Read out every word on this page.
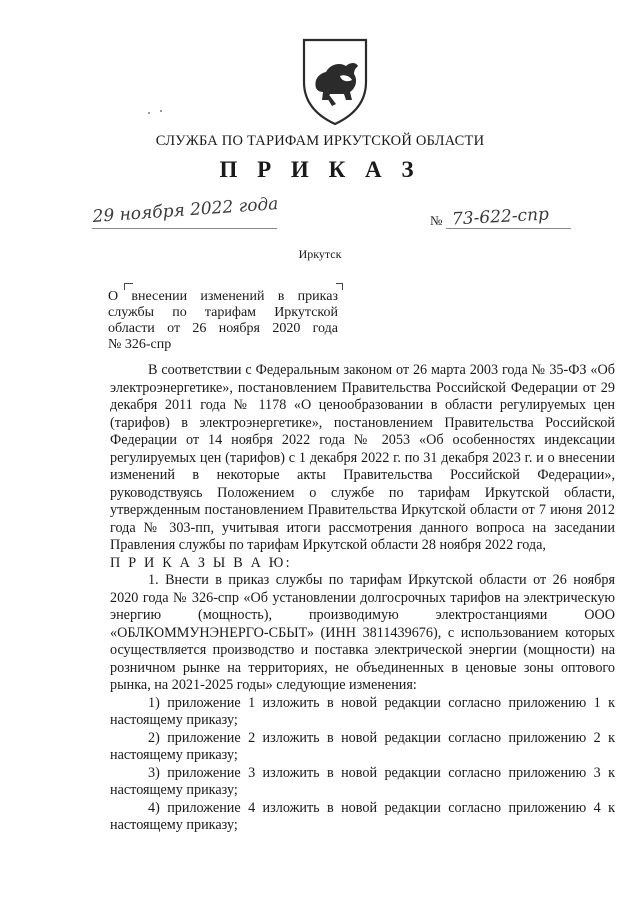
СЛУЖБА ПО ТАРИФАМ ИРКУТСКОЙ ОБЛАСТИ
П Р И К А З
29 ноября 2022 года	№ 73-622-спр
Иркутск
О внесении изменений в приказ
службы по тарифам Иркутской
области от 26 ноября 2020 года
№ 326-спр

В соответствии с Федеральным законом от 26 марта 2003 года № 35-ФЗ «Об электроэнергетике», постановлением Правительства Российской Федерации от 29 декабря 2011 года № 1178 «О ценообразовании в области регулируемых цен (тарифов) в электроэнергетике», постановлением Правительства Российской Федерации от 14 ноября 2022 года № 2053 «Об особенностях индексации регулируемых цен (тарифов) с 1 декабря 2022 г. по 31 декабря 2023 г. и о внесении изменений в некоторые акты Правительства Российской Федерации», руководствуясь Положением о службе по тарифам Иркутской области, утвержденным постановлением Правительства Иркутской области от 7 июня 2012 года № 303-пп, учитывая итоги рассмотрения данного вопроса на заседании Правления службы по тарифам Иркутской области 28 ноября 2022 года,

П Р И К А З Ы В А Ю:

1. Внести в приказ службы по тарифам Иркутской области от 26 ноября 2020 года № 326-спр «Об установлении долгосрочных тарифов на электрическую энергию (мощность), производимую электростанциями ООО «ОБЛКОММУНЭНЕРГО-СБЫТ» (ИНН 3811439676), с использованием которых осуществляется производство и поставка электрической энергии (мощности) на розничном рынке на территориях, не объединенных в ценовые зоны оптового рынка, на 2021-2025 годы» следующие изменения:

1) приложение 1 изложить в новой редакции согласно приложению 1 к настоящему приказу;

2) приложение 2 изложить в новой редакции согласно приложению 2 к настоящему приказу;

3) приложение 3 изложить в новой редакции согласно приложению 3 к настоящему приказу;

4) приложение 4 изложить в новой редакции согласно приложению 4 к настоящему приказу;
